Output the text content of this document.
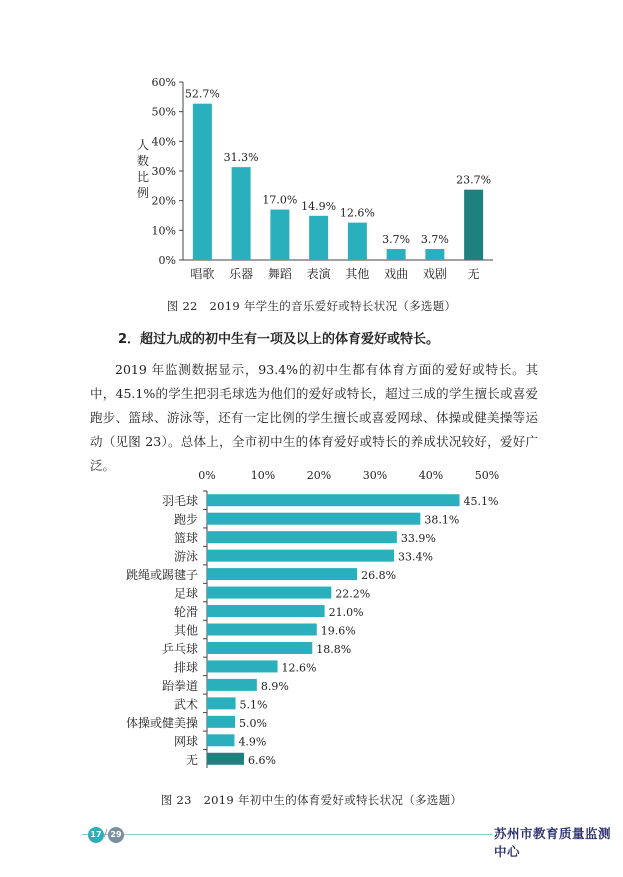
0%
10%
20%
30%
40%
50%
60%
人
数
比
例
52.7%
唱歌
31.3%
乐器
17.0%
舞蹈
14.9%
表演
12.6%
其他
3.7%
戏曲
3.7%
戏剧
23.7%
无
图 22　2019 年学生的音乐爱好或特长状况（多选题）
2．超过九成的初中生有一项及以上的体育爱好或特长。
2019 年监测数据显示，93.4%的初中生都有体育方面的爱好或特长。其中，45.1%的学生把羽毛球选为他们的爱好或特长，超过三成的学生擅长或喜爱跑步、篮球、游泳等，还有一定比例的学生擅长或喜爱网球、体操或健美操等运动（见图 23）。总体上，全市初中生的体育爱好或特长的养成状况较好，爱好广泛。
0%	10%	20%	30%	40%	50%
45.1%
羽毛球
38.1%
跑步
33.9%
篮球
33.4%
游泳
26.8%
跳绳或踢毽子
22.2%
足球
21.0%
轮滑
19.6%
其他
18.8%
乒乓球
12.6%
排球
8.9%
跆拳道
5.1%
武术
5.0%
体操或健美操
4.9%
网球
6.6%
无
图 23　2019 年初中生的体育爱好或特长状况（多选题）
17 / 29	苏州市教育质量监测中心
